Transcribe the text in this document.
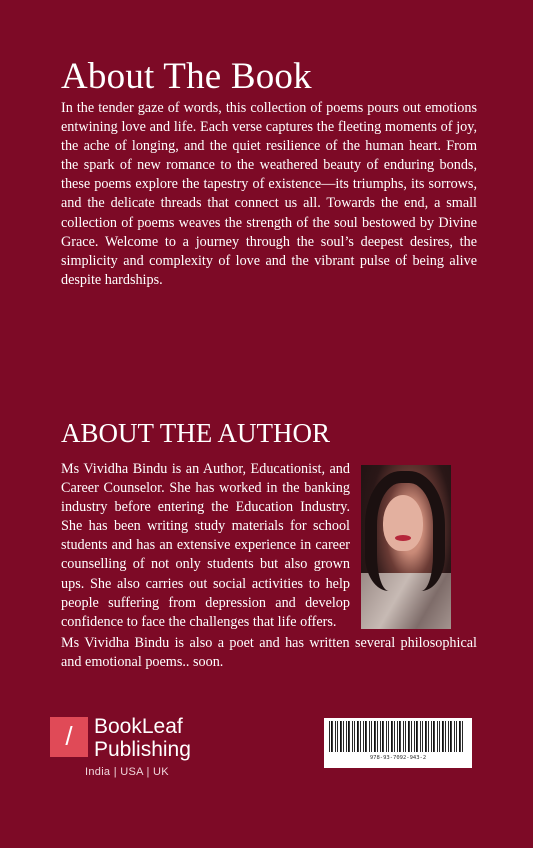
About The Book

In the tender gaze of words, this collection of poems pours out emotions entwining love and life. Each verse captures the fleeting moments of joy, the ache of longing, and the quiet resilience of the human heart. From the spark of new romance to the weathered beauty of enduring bonds, these poems explore the tapestry of existence—its triumphs, its sorrows, and the delicate threads that connect us all. Towards the end, a small collection of poems weaves the strength of the soul bestowed by Divine Grace. Welcome to a journey through the soul’s deepest desires, the simplicity and complexity of love and the vibrant pulse of being alive despite hardships.

ABOUT THE AUTHOR

Ms Vividha Bindu is an Author, Educationist, and Career Counselor. She has worked in the banking industry before entering the Education Industry. She has been writing study materials for school students and has an extensive experience in career counselling of not only students but also grown ups. She also carries out social activities to help people suffering from depression and develop confidence to face the challenges that life offers.

Ms Vividha Bindu is also a poet and has written several philosophical and emotional poems.. soon.

/	BookLeaf
Publishing
India | USA | UK
978-93-7092-943-2
